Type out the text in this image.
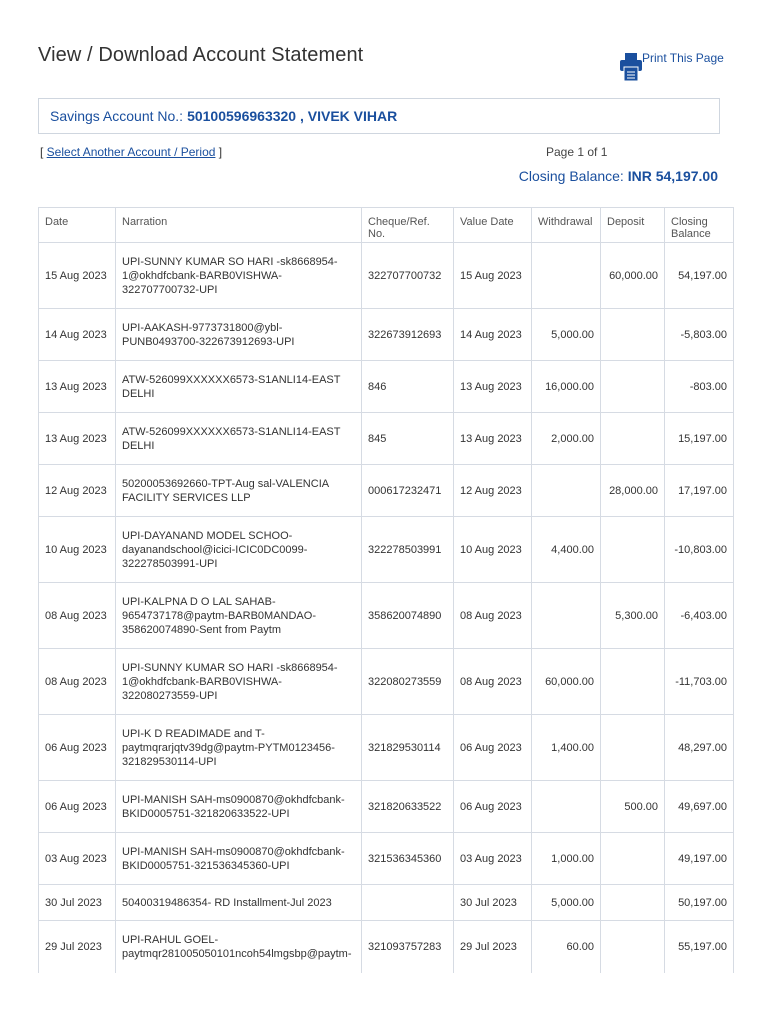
View / Download Account Statement	Print This Page
Savings Account No.: 50100596963320 , VIVEK VIHAR
[ Select Another Account / Period ]	Page 1 of 1
Closing Balance: INR 54,197.00
Date	Narration	Cheque/Ref. No.	Value Date	Withdrawal	Deposit	Closing Balance
15 Aug 2023	UPI-SUNNY KUMAR SO HARI -sk8668954-1@okhdfcbank-BARB0VISHWA-322707700732-UPI	322707700732	15 Aug 2023		60,000.00	54,197.00
14 Aug 2023	UPI-AAKASH-9773731800@ybl-PUNB0493700-322673912693-UPI	322673912693	14 Aug 2023	5,000.00		-5,803.00
13 Aug 2023	ATW-526099XXXXXX6573-S1ANLI14-EAST DELHI	846	13 Aug 2023	16,000.00		-803.00
13 Aug 2023	ATW-526099XXXXXX6573-S1ANLI14-EAST DELHI	845	13 Aug 2023	2,000.00		15,197.00
12 Aug 2023	50200053692660-TPT-Aug sal-VALENCIA FACILITY SERVICES LLP	000617232471	12 Aug 2023		28,000.00	17,197.00
10 Aug 2023	UPI-DAYANAND MODEL SCHOO-dayanandschool@icici-ICIC0DC0099-322278503991-UPI	322278503991	10 Aug 2023	4,400.00		-10,803.00
08 Aug 2023	UPI-KALPNA D O LAL SAHAB-9654737178@paytm-BARB0MANDAO-358620074890-Sent from Paytm	358620074890	08 Aug 2023		5,300.00	-6,403.00
08 Aug 2023	UPI-SUNNY KUMAR SO HARI -sk8668954-1@okhdfcbank-BARB0VISHWA-322080273559-UPI	322080273559	08 Aug 2023	60,000.00		-11,703.00
06 Aug 2023	UPI-K D READIMADE and T-paytmqrarjqtv39dg@paytm-PYTM0123456-321829530114-UPI	321829530114	06 Aug 2023	1,400.00		48,297.00
06 Aug 2023	UPI-MANISH SAH-ms0900870@okhdfcbank-BKID0005751-321820633522-UPI	321820633522	06 Aug 2023		500.00	49,697.00
03 Aug 2023	UPI-MANISH SAH-ms0900870@okhdfcbank-BKID0005751-321536345360-UPI	321536345360	03 Aug 2023	1,000.00		49,197.00
30 Jul 2023	50400319486354- RD Installment-Jul 2023		30 Jul 2023	5,000.00		50,197.00
29 Jul 2023	UPI-RAHUL GOEL-paytmqr281005050101ncoh54lmgsbp@paytm-	321093757283	29 Jul 2023	60.00		55,197.00
